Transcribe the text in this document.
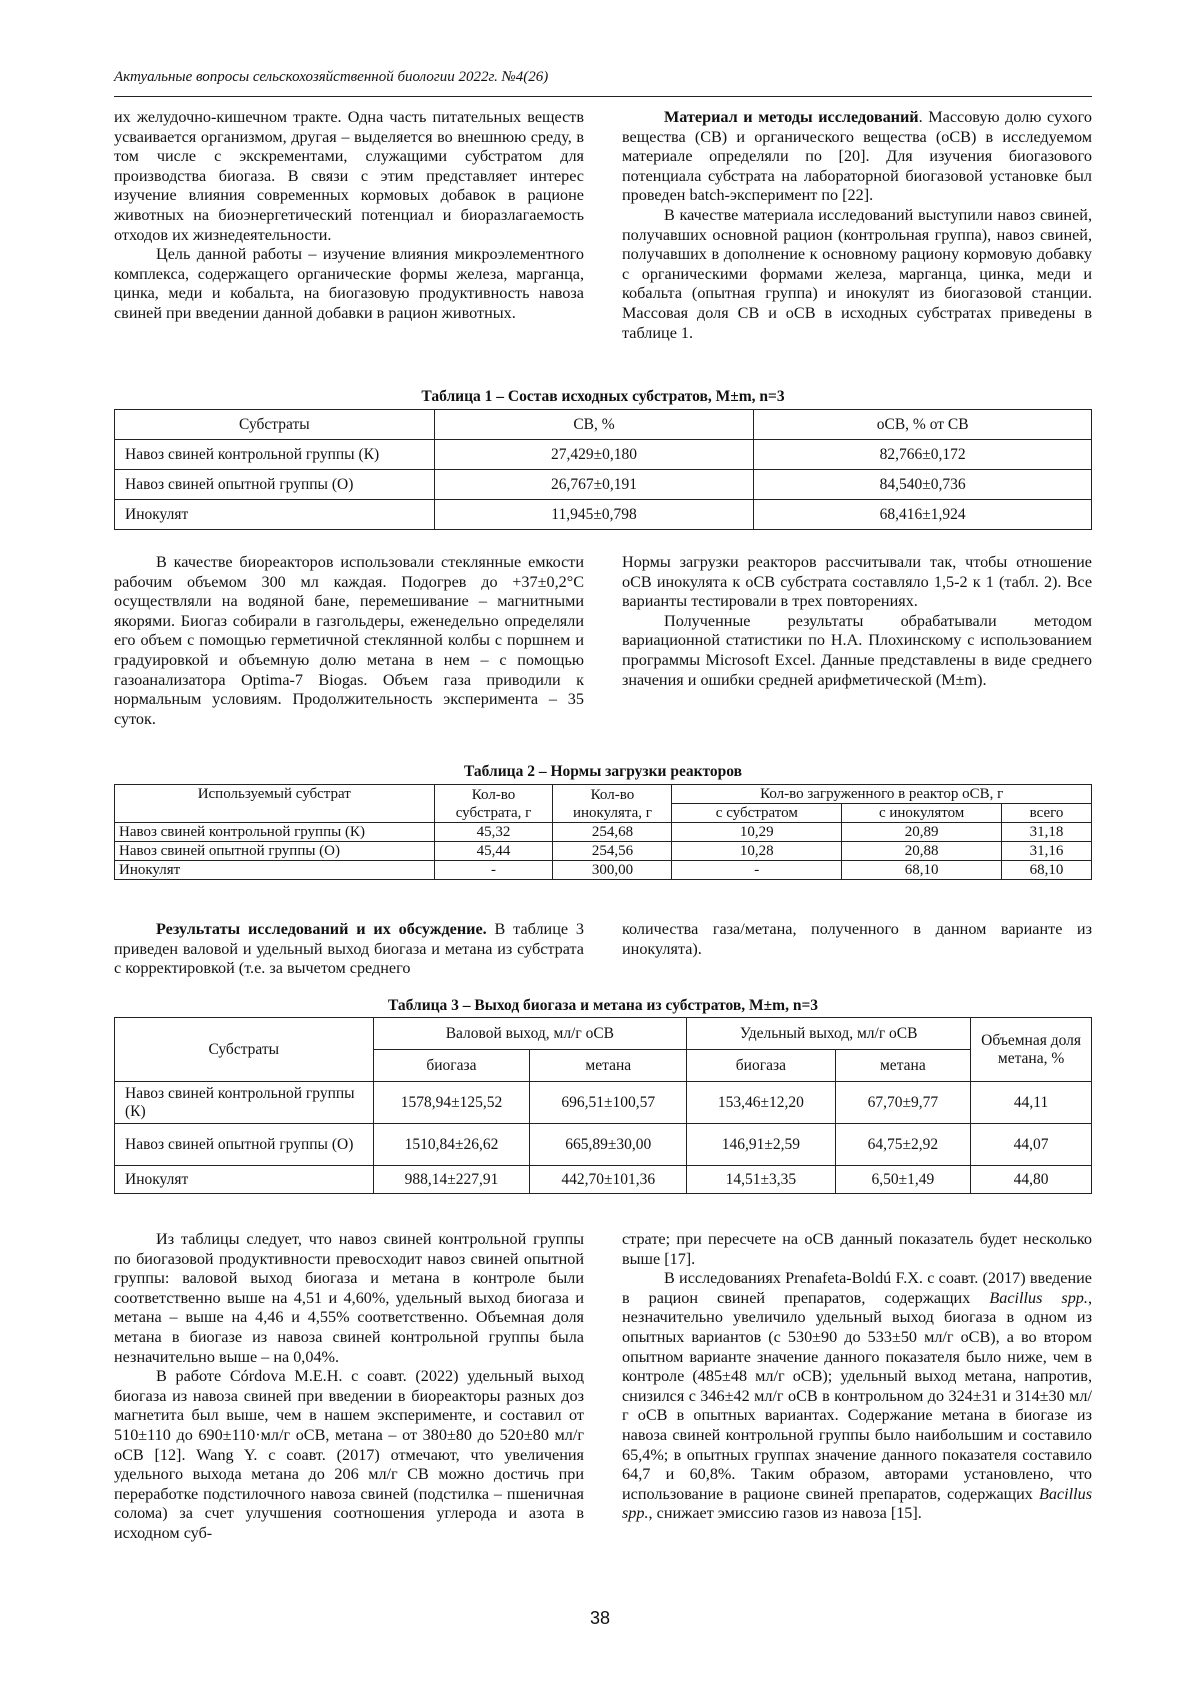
Актуальные вопросы сельскохозяйственной биологии 2022г. №4(26)

их желудочно-кишечном тракте. Одна часть питательных веществ усваивается организмом, другая – выделяется во внешнюю среду, в том числе с экскрементами, служащими субстратом для производства биогаза. В связи с этим представляет интерес изучение влияния современных кормовых добавок в рационе животных на биоэнергетический потенциал и биоразлагаемость отходов их жизнедеятельности.

Цель данной работы – изучение влияния микроэлементного комплекса, содержащего органические формы железа, марганца, цинка, меди и кобальта, на биогазовую продуктивность навоза свиней при введении данной добавки в рацион животных.

Материал и методы исследований. Массовую долю сухого вещества (СВ) и органического вещества (оСВ) в исследуемом материале определяли по [20]. Для изучения биогазового потенциала субстрата на лабораторной биогазовой установке был проведен batch-эксперимент по [22].

В качестве материала исследований выступили навоз свиней, получавших основной рацион (контрольная группа), навоз свиней, получавших в дополнение к основному рациону кормовую добавку с органическими формами железа, марганца, цинка, меди и кобальта (опытная группа) и инокулят из биогазовой станции. Массовая доля СВ и оСВ в исходных субстратах приведены в таблице 1.

Таблица 1 – Состав исходных субстратов, M±m, n=3
Субстраты	СВ, %	оСВ, % от СВ
Навоз свиней контрольной группы (К)	27,429±0,180	82,766±0,172
Навоз свиней опытной группы (О)	26,767±0,191	84,540±0,736
Инокулят	11,945±0,798	68,416±1,924

В качестве биореакторов использовали стеклянные емкости рабочим объемом 300 мл каждая. Подогрев до +37±0,2°С осуществляли на водяной бане, перемешивание – магнитными якорями. Биогаз собирали в газгольдеры, еженедельно определяли его объем с помощью герметичной стеклянной колбы с поршнем и градуировкой и объемную долю метана в нем – с помощью газоанализатора Optima-7 Biogas. Объем газа приводили к нормальным условиям. Продолжительность эксперимента – 35 суток.

Нормы загрузки реакторов рассчитывали так, чтобы отношение оСВ инокулята к оСВ субстрата составляло 1,5-2 к 1 (табл. 2). Все варианты тестировали в трех повторениях.

Полученные результаты обрабатывали методом вариационной статистики по Н.А. Плохинскому с использованием программы Microsoft Excel. Данные представлены в виде среднего значения и ошибки средней арифметической (M±m).

Таблица 2 – Нормы загрузки реакторов
Используемый субстрат	Кол-во субстрата, г	Кол-во инокулята, г	Кол-во загруженного в реактор оСВ, г		
			с субстратом	с инокулятом	всего
Навоз свиней контрольной группы (К)	45,32	254,68	10,29	20,89	31,18
Навоз свиней опытной группы (О)	45,44	254,56	10,28	20,88	31,16
Инокулят	-	300,00	-	68,10	68,10

Результаты исследований и их обсуждение. В таблице 3 приведен валовой и удельный выход биогаза и метана из субстрата с корректировкой (т.е. за вычетом среднего

количества газа/метана, полученного в данном варианте из инокулята).

Таблица 3 – Выход биогаза и метана из субстратов, M±m, n=3
Субстраты	Валовой выход, мл/г оСВ		Удельный выход, мл/г оСВ		Объемная доля метана, %
	биогаза	метана	биогаза	метана	
Навоз свиней контрольной группы (К)	1578,94±125,52	696,51±100,57	153,46±12,20	67,70±9,77	44,11
Навоз свиней опытной группы (О)	1510,84±26,62	665,89±30,00	146,91±2,59	64,75±2,92	44,07
Инокулят	988,14±227,91	442,70±101,36	14,51±3,35	6,50±1,49	44,80

Из таблицы следует, что навоз свиней контрольной группы по биогазовой продуктивности превосходит навоз свиней опытной группы: валовой выход биогаза и метана в контроле были соответственно выше на 4,51 и 4,60%, удельный выход биогаза и метана – выше на 4,46 и 4,55% соответственно. Объемная доля метана в биогазе из навоза свиней контрольной группы была незначительно выше – на 0,04%.

В работе Córdova M.E.H. с соавт. (2022) удельный выход биогаза из навоза свиней при введении в биореакторы разных доз магнетита был выше, чем в нашем эксперименте, и составил от 510±110 до 690±110·мл/г оСВ, метана – от 380±80 до 520±80 мл/г оСВ [12]. Wang Y. с соавт. (2017) отмечают, что увеличения удельного выхода метана до 206 мл/г СВ можно достичь при переработке подстилочного навоза свиней (подстилка – пшеничная солома) за счет улучшения соотношения углерода и азота в исходном суб-

страте; при пересчете на оСВ данный показатель будет несколько выше [17].

В исследованиях Prenafeta-Boldú F.X. с соавт. (2017) введение в рацион свиней препаратов, содержащих Bacillus spp., незначительно увеличило удельный выход биогаза в одном из опытных вариантов (с 530±90 до 533±50 мл/г оСВ), а во втором опытном варианте значение данного показателя было ниже, чем в контроле (485±48 мл/г оСВ); удельный выход метана, напротив, снизился с 346±42 мл/г оСВ в контрольном до 324±31 и 314±30 мл/г оСВ в опытных вариантах. Содержание метана в биогазе из навоза свиней контрольной группы было наибольшим и составило 65,4%; в опытных группах значение данного показателя составило 64,7 и 60,8%. Таким образом, авторами установлено, что использование в рационе свиней препаратов, содержащих Bacillus spp., снижает эмиссию газов из навоза [15].

38
